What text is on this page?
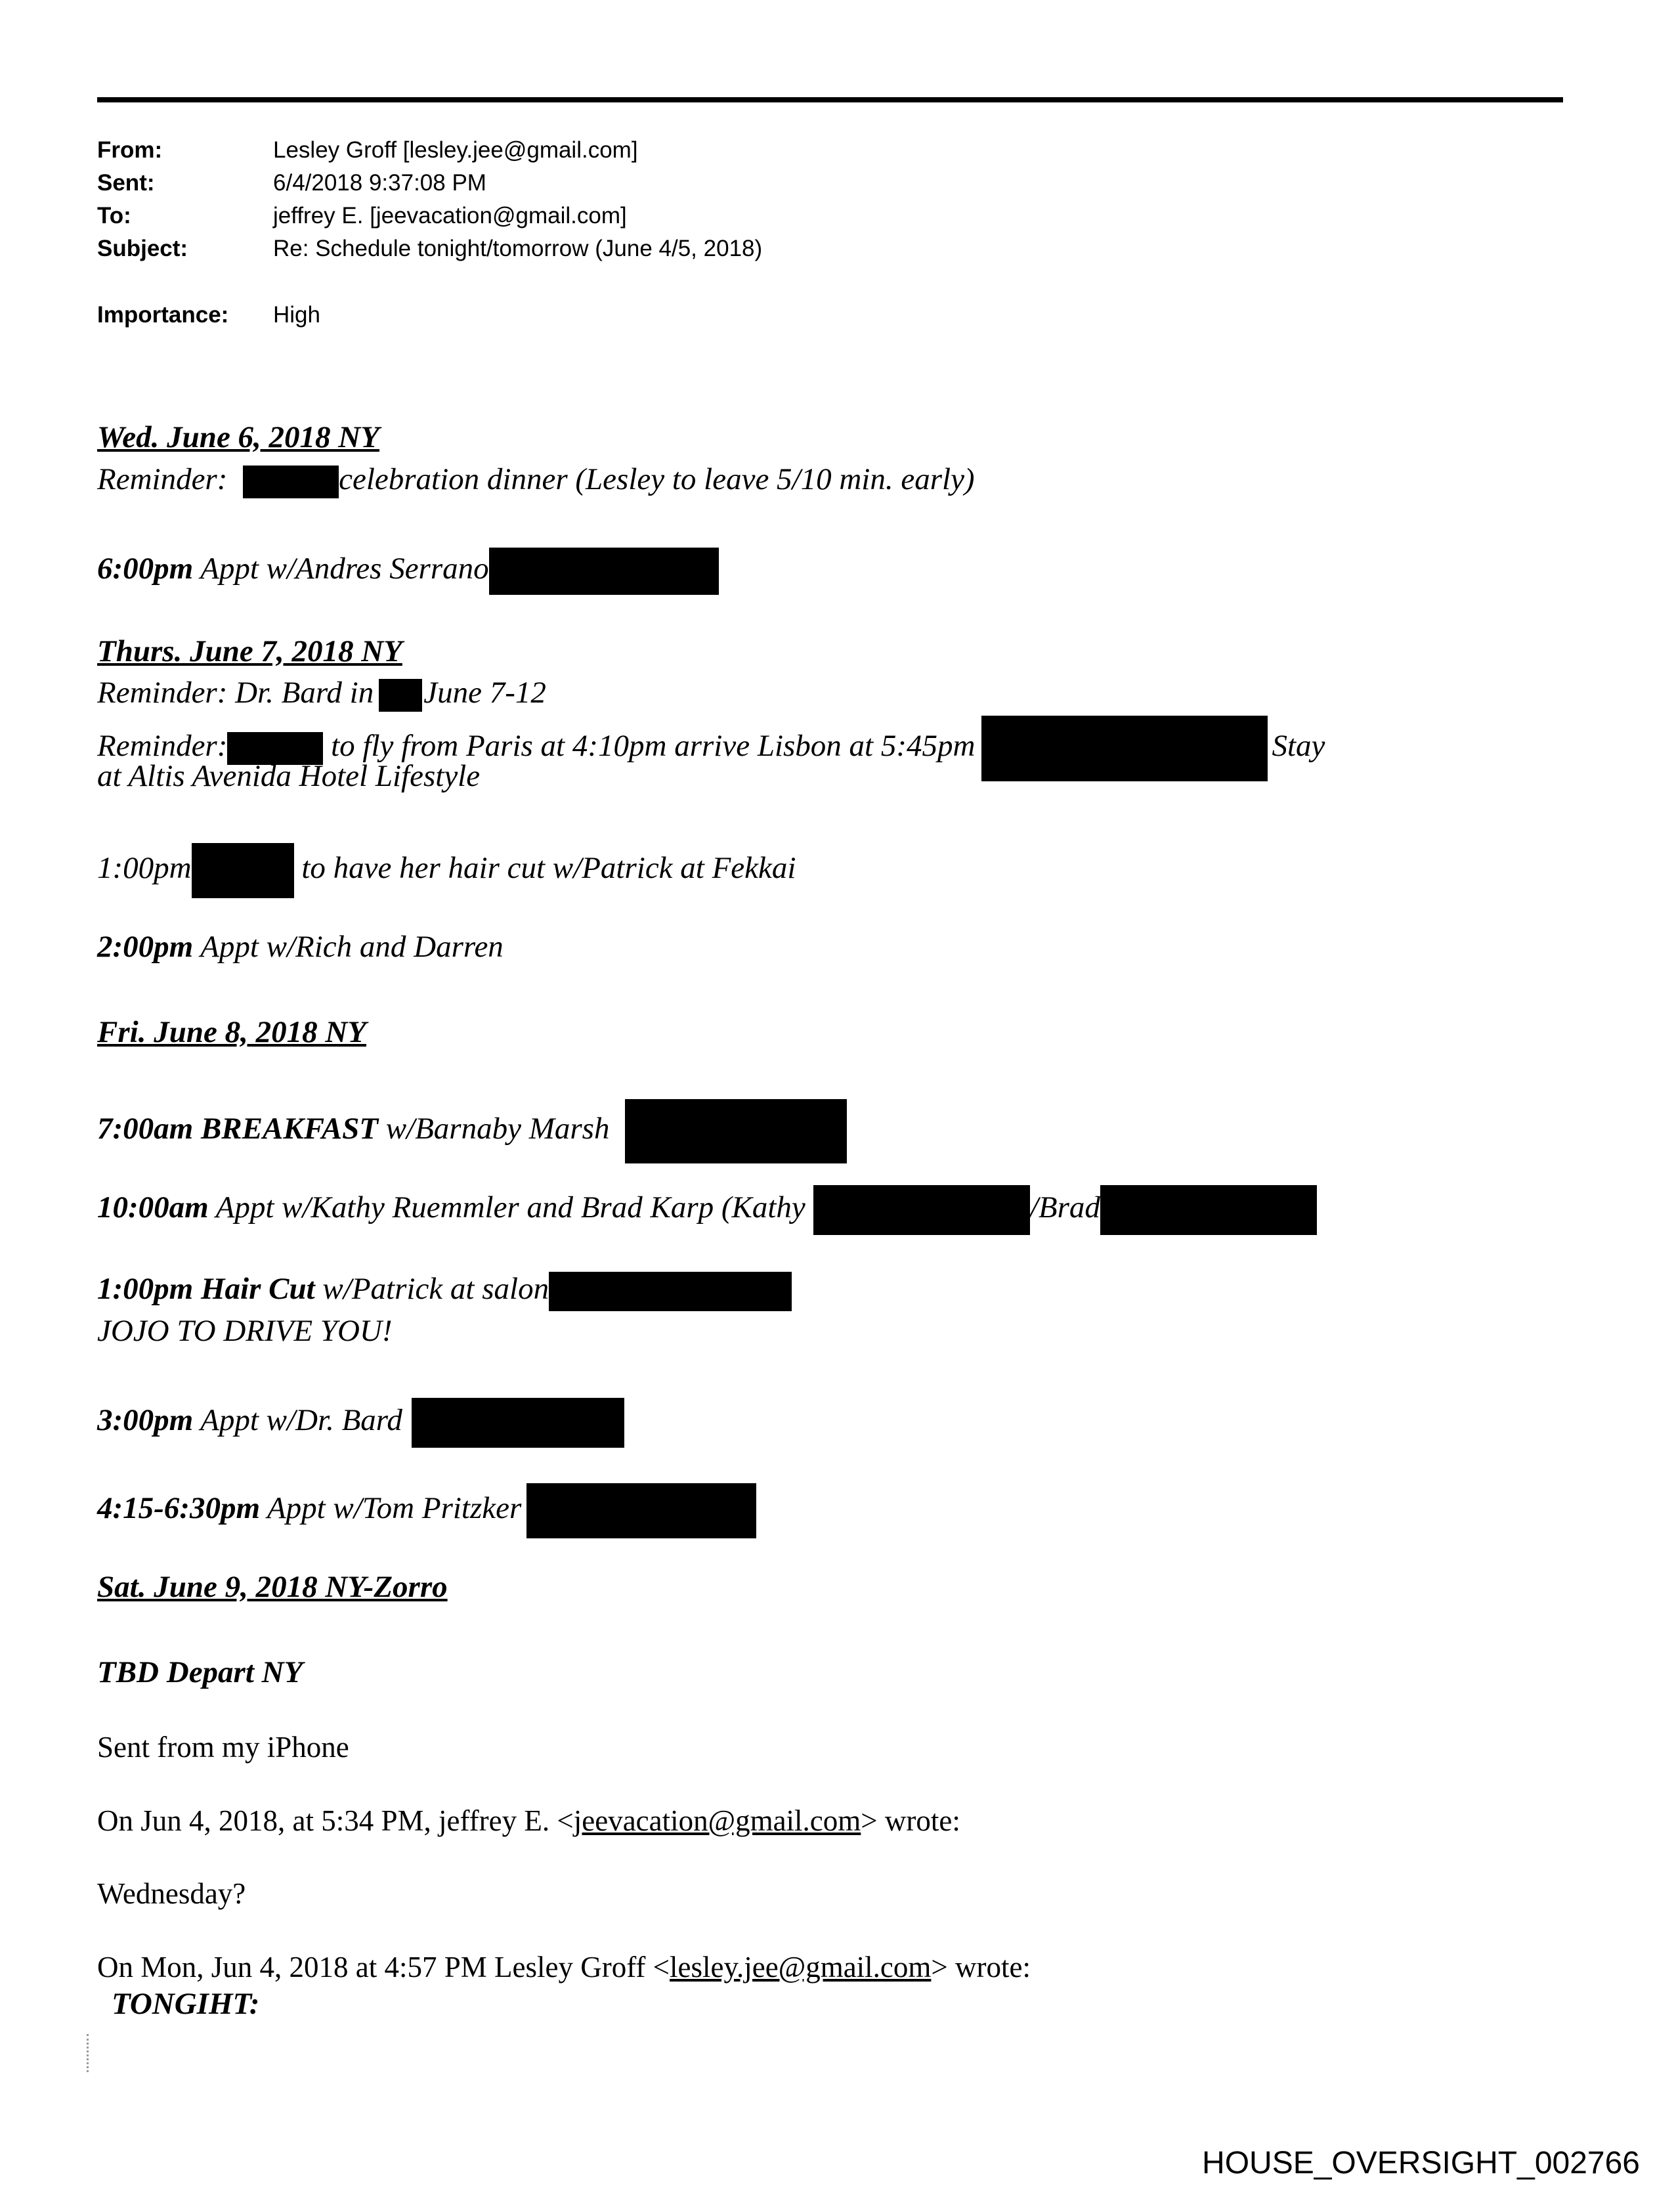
From:	Lesley Groff [lesley.jee@gmail.com]
Sent:	6/4/2018 9:37:08 PM
To:	jeffrey E. [jeevacation@gmail.com]
Subject:	Re: Schedule tonight/tomorrow (June 4/5, 2018)
Importance: High
Wed. June 6, 2018 NY
Reminder:	celebration dinner (Lesley to leave 5/10 min. early)
6:00pm Appt w/Andres Serrano
Thurs. June 7, 2018 NY
Reminder: Dr. Bard in June 7-12
Reminder:	to fly from Paris at 4:10pm arrive Lisbon at 5:45pm	Stay
at Altis Avenida Hotel Lifestyle
1:00pm	to have her hair cut w/Patrick at Fekkai
2:00pm Appt w/Rich and Darren
Fri. June 8, 2018 NY
7:00am BREAKFAST w/Barnaby Marsh
10:00am Appt w/Kathy Ruemmler and Brad Karp (Kathy	/Brad
1:00pm Hair Cut w/Patrick at salon
JOJO TO DRIVE YOU!
3:00pm Appt w/Dr. Bard
4:15-6:30pm Appt w/Tom Pritzker
Sat. June 9, 2018 NY-Zorro
TBD Depart NY
Sent from my iPhone
On Jun 4, 2018, at 5:34 PM, jeffrey E. <jeevacation@gmail.com> wrote:
Wednesday?
On Mon, Jun 4, 2018 at 4:57 PM Lesley Groff <lesley.jee@gmail.com> wrote:
TONGIHT:
HOUSE_OVERSIGHT_002766
